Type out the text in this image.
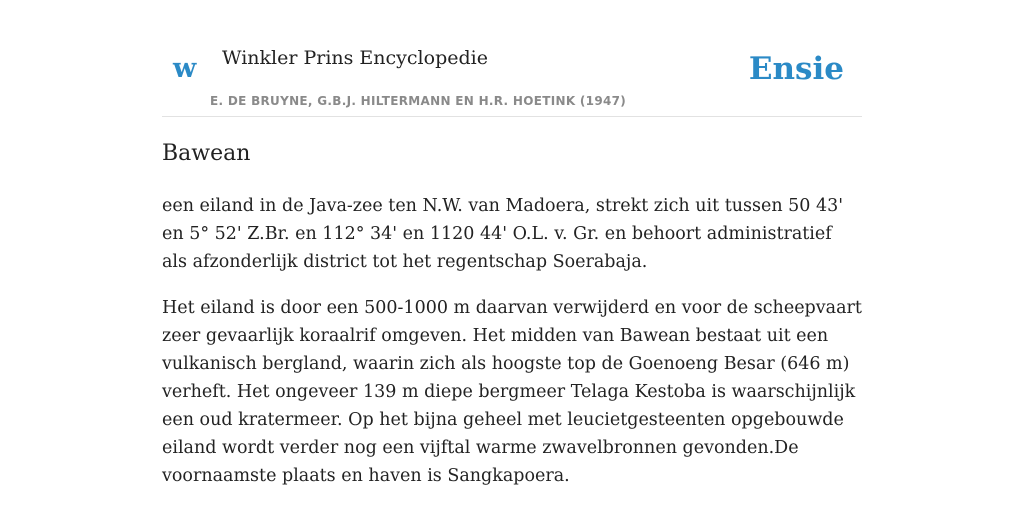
w Winkler Prins Encyclopedie
E. DE BRUYNE, G.B.J. HILTERMANN EN H.R. HOETINK (1947)
Ensie
Bawean

een eiland in de Java-zee ten N.W. van Madoera, strekt zich uit tussen 50 43' en 5° 52' Z.Br. en 112° 34' en 1120 44' O.L. v. Gr. en behoort administratief als afzonderlijk district tot het regentschap Soerabaja.

Het eiland is door een 500-1000 m daarvan verwijderd en voor de scheepvaart zeer gevaarlijk koraalrif omgeven. Het midden van Bawean bestaat uit een vulkanisch bergland, waarin zich als hoogste top de Goenoeng Besar (646 m) verheft. Het ongeveer 139 m diepe bergmeer Telaga Kestoba is waarschijnlijk een oud kratermeer. Op het bijna geheel met leucietgesteenten opgebouwde eiland wordt verder nog een vijftal warme zwavelbronnen gevonden.De voornaamste plaats en haven is Sangkapoera.
